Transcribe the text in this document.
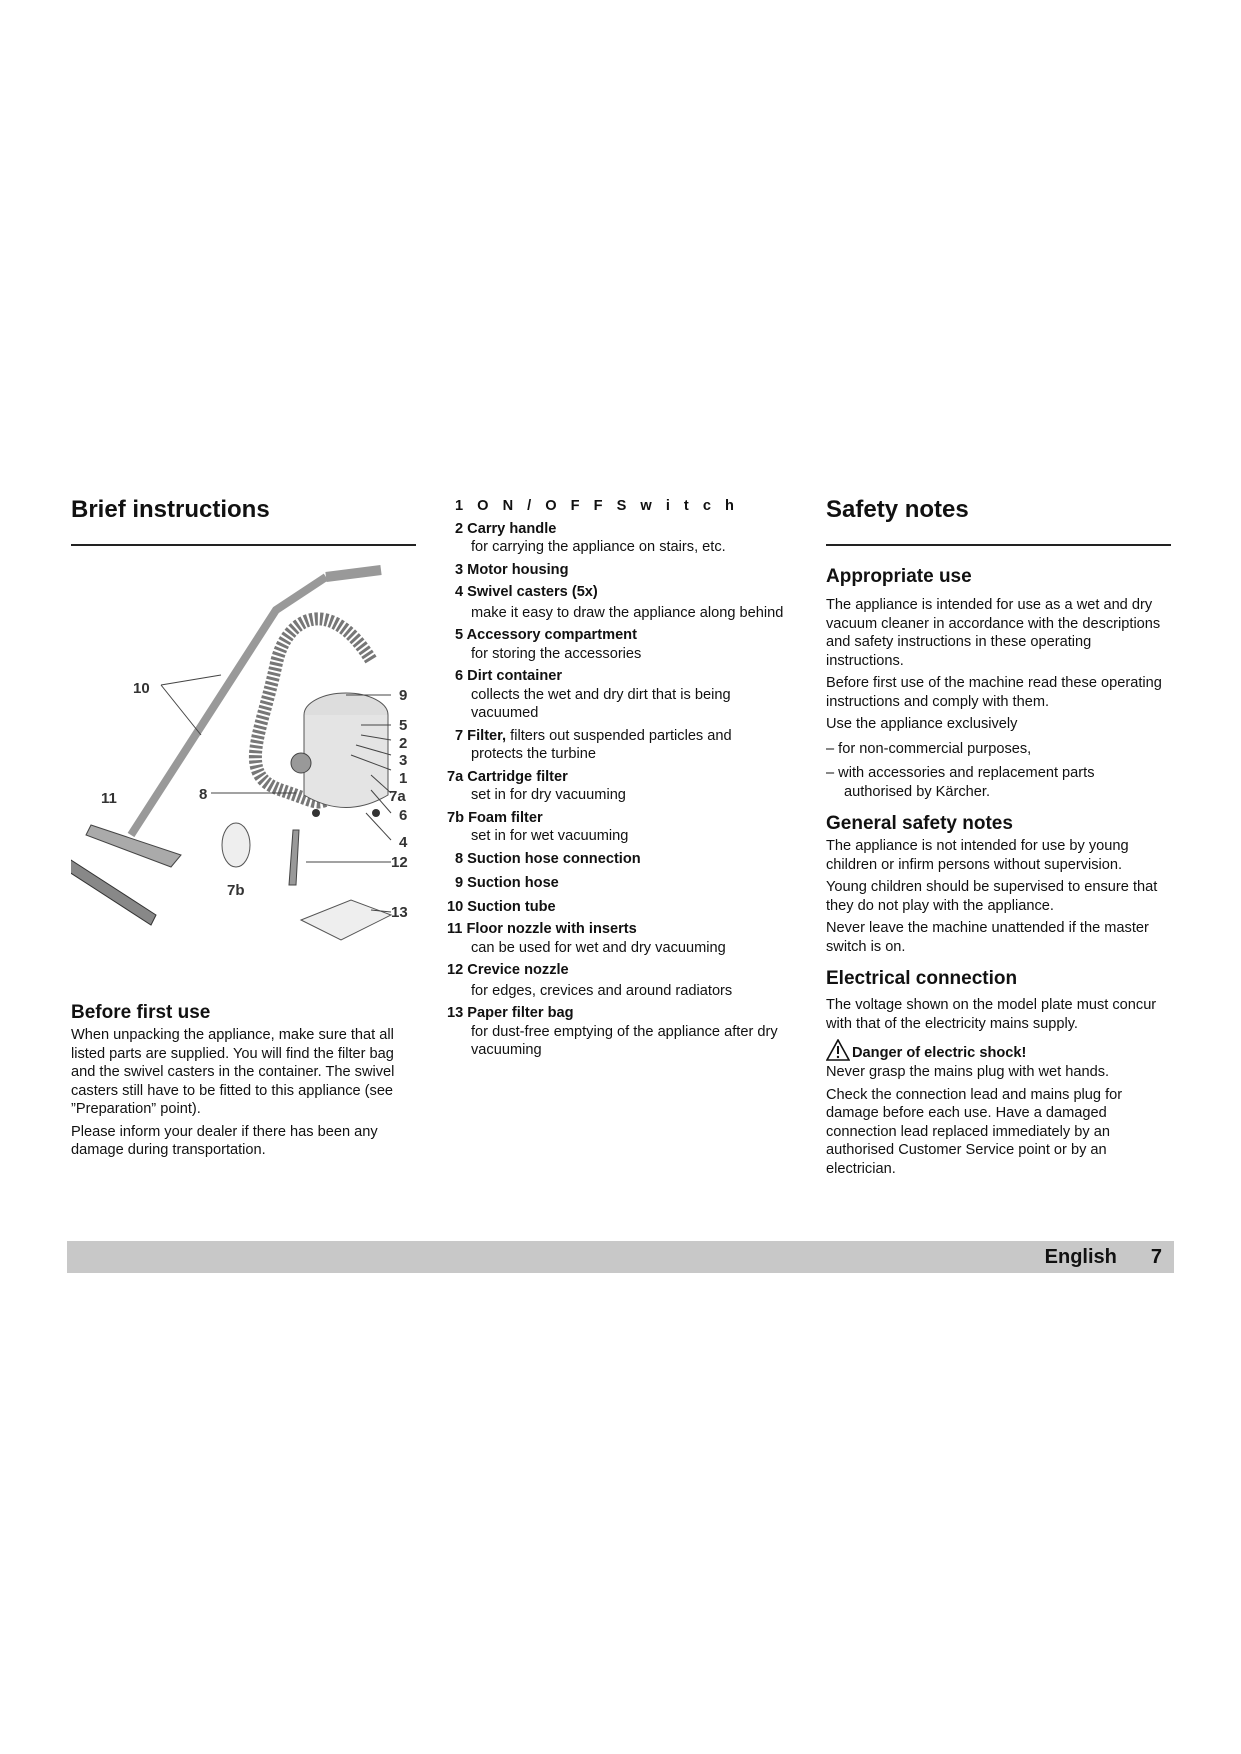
Brief instructions
10	9
5
2
3
1
11	8	7a
6
4
12
7b
13
Before first use

When unpacking the appliance, make sure that all listed parts are supplied. You will find the filter bag and the swivel casters in the container. The swivel casters still have to be fitted to this appliance (see ”Preparation” point).

Please inform your dealer if there has been any damage during transportation.

1 O N / O F F S w i t c h
2 Carry handle
for carrying the appliance on stairs, etc.
3 Motor housing
4 Swivel casters (5x)
make it easy to draw the appliance along behind
5 Accessory compartment
for storing the accessories
6 Dirt container
collects the wet and dry dirt that is being vacuumed
7 Filter, filters out suspended particles and
protects the turbine
7a Cartridge filter
set in for dry vacuuming
7b Foam filter
set in for wet vacuuming
8 Suction hose connection
9 Suction hose
10 Suction tube
11 Floor nozzle with inserts
can be used for wet and dry vacuuming
12 Crevice nozzle
for edges, crevices and around radiators
13 Paper filter bag
for dust-free emptying of the appliance after dry vacuuming
Safety notes
Appropriate use

The appliance is intended for use as a wet and dry vacuum cleaner in accordance with the descriptions and safety instructions in these operating instructions.

Before first use of the machine read these operating instructions and comply with them.

Use the appliance exclusively

– for non-commercial purposes,

– with accessories and replacement parts

authorised by Kärcher.

General safety notes

The appliance is not intended for use by young children or infirm persons without supervision.

Young children should be supervised to ensure that they do not play with the appliance.

Never leave the machine unattended if the master switch is on.

Electrical connection

The voltage shown on the model plate must concur with that of the electricity mains supply.

Danger of electric shock!

Never grasp the mains plug with wet hands.

Check the connection lead and mains plug for damage before each use. Have a damaged connection lead replaced immediately by an authorised Customer Service point or by an electrician.

English 7
